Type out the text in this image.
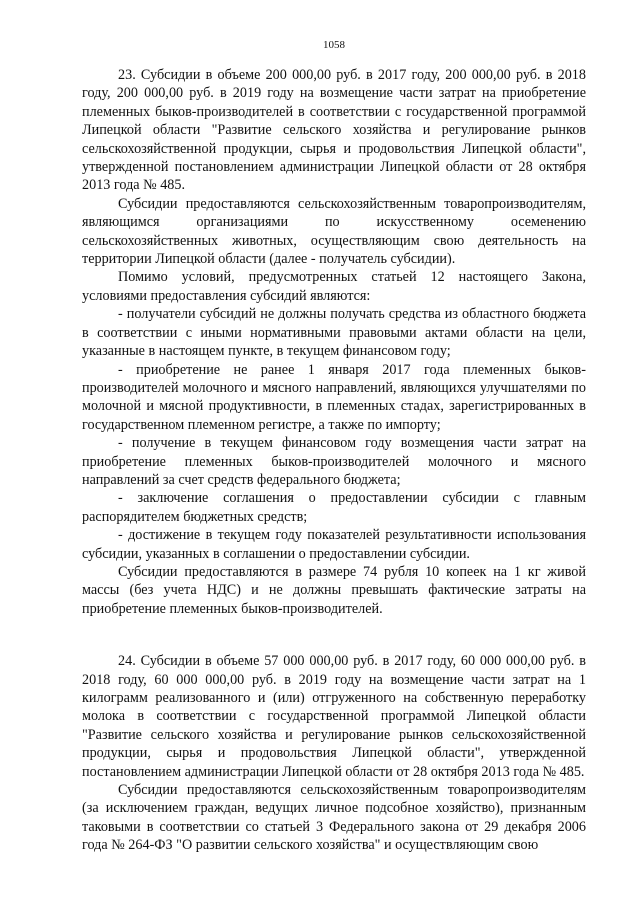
1058

23. Субсидии в объеме 200 000,00 руб. в 2017 году, 200 000,00 руб. в 2018 году, 200 000,00 руб. в 2019 году на возмещение части затрат на приобретение племенных быков-производителей в соответствии с государственной программой Липецкой области "Развитие сельского хозяйства и регулирование рынков сельскохозяйственной продукции, сырья и продовольствия Липецкой области", утвержденной постановлением администрации Липецкой области от 28 октября 2013 года № 485.

Субсидии предоставляются сельскохозяйственным товаропроизводителям, являющимся организациями по искусственному осеменению сельскохозяйственных животных, осуществляющим свою деятельность на территории Липецкой области (далее - получатель субсидии).

Помимо условий, предусмотренных статьей 12 настоящего Закона, условиями предоставления субсидий являются:

- получатели субсидий не должны получать средства из областного бюджета в соответствии с иными нормативными правовыми актами области на цели, указанные в настоящем пункте, в текущем финансовом году;

- приобретение не ранее 1 января 2017 года племенных быков-производителей молочного и мясного направлений, являющихся улучшателями по молочной и мясной продуктивности, в племенных стадах, зарегистрированных в государственном племенном регистре, а также по импорту;

- получение в текущем финансовом году возмещения части затрат на приобретение племенных быков-производителей молочного и мясного направлений за счет средств федерального бюджета;

- заключение соглашения о предоставлении субсидии с главным распорядителем бюджетных средств;

- достижение в текущем году показателей результативности использования субсидии, указанных в соглашении о предоставлении субсидии.

Субсидии предоставляются в размере 74 рубля 10 копеек на 1 кг живой массы (без учета НДС) и не должны превышать фактические затраты на приобретение племенных быков-производителей.

24. Субсидии в объеме 57 000 000,00 руб. в 2017 году, 60 000 000,00 руб. в 2018 году, 60 000 000,00 руб. в 2019 году на возмещение части затрат на 1 килограмм реализованного и (или) отгруженного на собственную переработку молока в соответствии с государственной программой Липецкой области "Развитие сельского хозяйства и регулирование рынков сельскохозяйственной продукции, сырья и продовольствия Липецкой области", утвержденной постановлением администрации Липецкой области от 28 октября 2013 года № 485.

Субсидии предоставляются сельскохозяйственным товаропроизводителям (за исключением граждан, ведущих личное подсобное хозяйство), признанным таковыми в соответствии со статьей 3 Федерального закона от 29 декабря 2006 года № 264-ФЗ "О развитии сельского хозяйства" и осуществляющим свою
